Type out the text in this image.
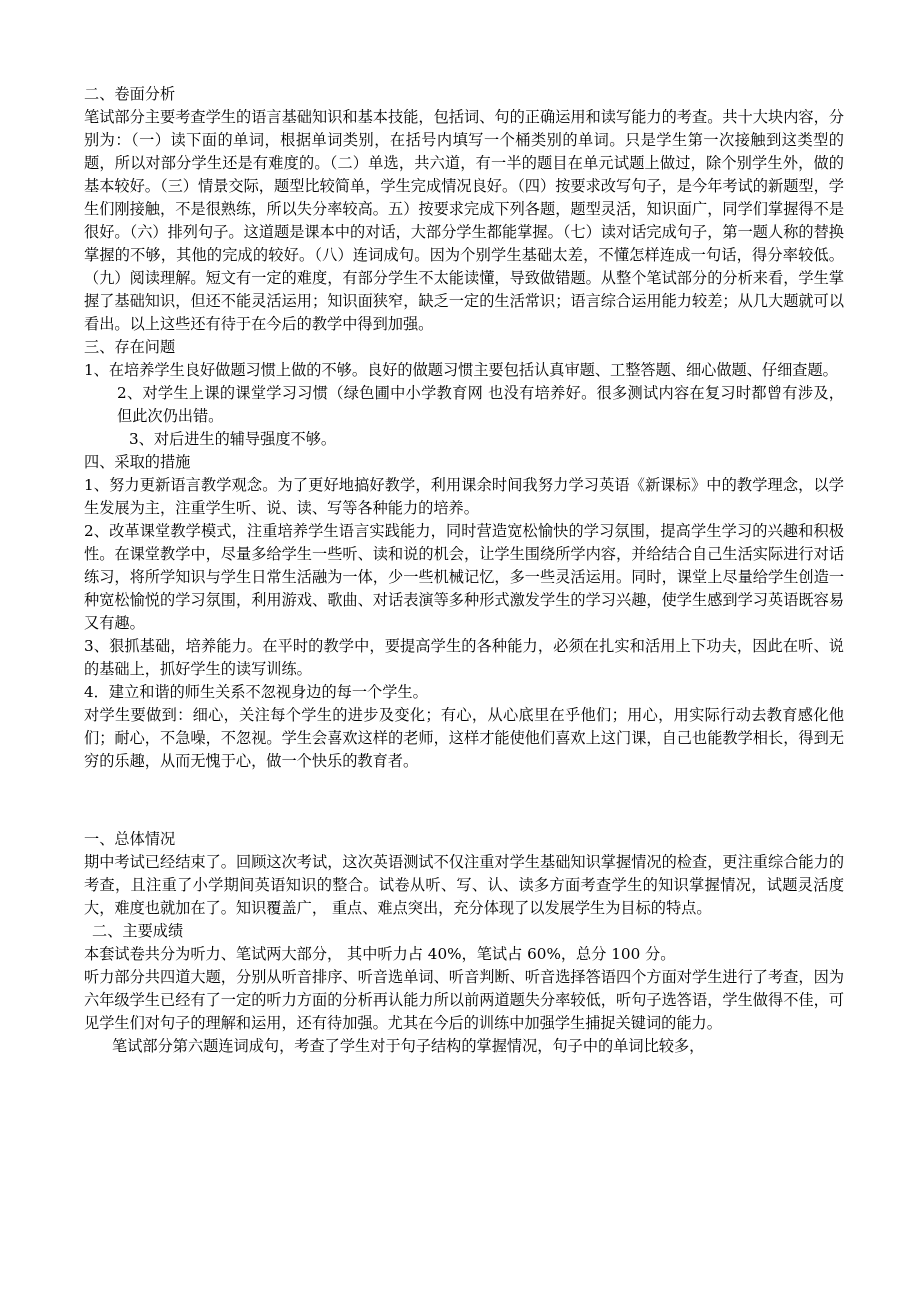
二、卷面分析

笔试部分主要考查学生的语言基础知识和基本技能，包括词、句的正确运用和读写能力的考查。共十大块内容，分别为：（一）读下面的单词，根据单词类别，在括号内填写一个桶类别的单词。只是学生第一次接触到这类型的题，所以对部分学生还是有难度的。（二）单选，共六道，有一半的题目在单元试题上做过，除个别学生外，做的基本较好。（三）情景交际，题型比较简单，学生完成情况良好。（四）按要求改写句子，是今年考试的新题型，学生们刚接触，不是很熟练，所以失分率较高。五）按要求完成下列各题，题型灵活，知识面广，同学们掌握得不是很好。（六）排列句子。这道题是课本中的对话，大部分学生都能掌握。（七）读对话完成句子，第一题人称的替换掌握的不够，其他的完成的较好。（八）连词成句。因为个别学生基础太差，不懂怎样连成一句话，得分率较低。（九）阅读理解。短文有一定的难度，有部分学生不太能读懂，导致做错题。从整个笔试部分的分析来看，学生掌握了基础知识，但还不能灵活运用；知识面狭窄，缺乏一定的生活常识；语言综合运用能力较差；从几大题就可以看出。以上这些还有待于在今后的教学中得到加强。

三、存在问题

1、在培养学生良好做题习惯上做的不够。良好的做题习惯主要包括认真审题、工整答题、细心做题、仔细查题。

2、对学生上课的课堂学习习惯（绿色圃中小学教育网 也没有培养好。很多测试内容在复习时都曾有涉及，但此次仍出错。

3、对后进生的辅导强度不够。

四、采取的措施

1、努力更新语言教学观念。为了更好地搞好教学，利用课余时间我努力学习英语《新课标》中的教学理念，以学生发展为主，注重学生听、说、读、写等各种能力的培养。

2、改革课堂教学模式，注重培养学生语言实践能力，同时营造宽松愉快的学习氛围，提高学生学习的兴趣和积极性。在课堂教学中，尽量多给学生一些听、读和说的机会，让学生围绕所学内容，并给结合自己生活实际进行对话练习，将所学知识与学生日常生活融为一体，少一些机械记忆，多一些灵活运用。同时，课堂上尽量给学生创造一种宽松愉悦的学习氛围，利用游戏、歌曲、对话表演等多种形式激发学生的学习兴趣，使学生感到学习英语既容易又有趣。

3、狠抓基础，培养能力。在平时的教学中，要提高学生的各种能力，必须在扎实和活用上下功夫，因此在听、说的基础上，抓好学生的读写训练。

4．建立和谐的师生关系不忽视身边的每一个学生。

对学生要做到：细心，关注每个学生的进步及变化；有心，从心底里在乎他们；用心，用实际行动去教育感化他们；耐心，不急噪，不忽视。学生会喜欢这样的老师，这样才能使他们喜欢上这门课，自己也能教学相长，得到无穷的乐趣，从而无愧于心，做一个快乐的教育者。

一、总体情况

期中考试已经结束了。回顾这次考试，这次英语测试不仅注重对学生基础知识掌握情况的检查，更注重综合能力的考查，且注重了小学期间英语知识的整合。试卷从听、写、认、读多方面考查学生的知识掌握情况，试题灵活度大，难度也就加在了。知识覆盖广， 重点、难点突出，充分体现了以发展学生为目标的特点。

二、主要成绩

本套试卷共分为听力、笔试两大部分， 其中听力占 40%，笔试占 60%，总分 100 分。

听力部分共四道大题，分别从听音排序、听音选单词、听音判断、听音选择答语四个方面对学生进行了考查，因为六年级学生已经有了一定的听力方面的分析再认能力所以前两道题失分率较低，听句子选答语，学生做得不佳，可见学生们对句子的理解和运用，还有待加强。尤其在今后的训练中加强学生捕捉关键词的能力。

笔试部分第六题连词成句，考查了学生对于句子结构的掌握情况，句子中的单词比较多，
